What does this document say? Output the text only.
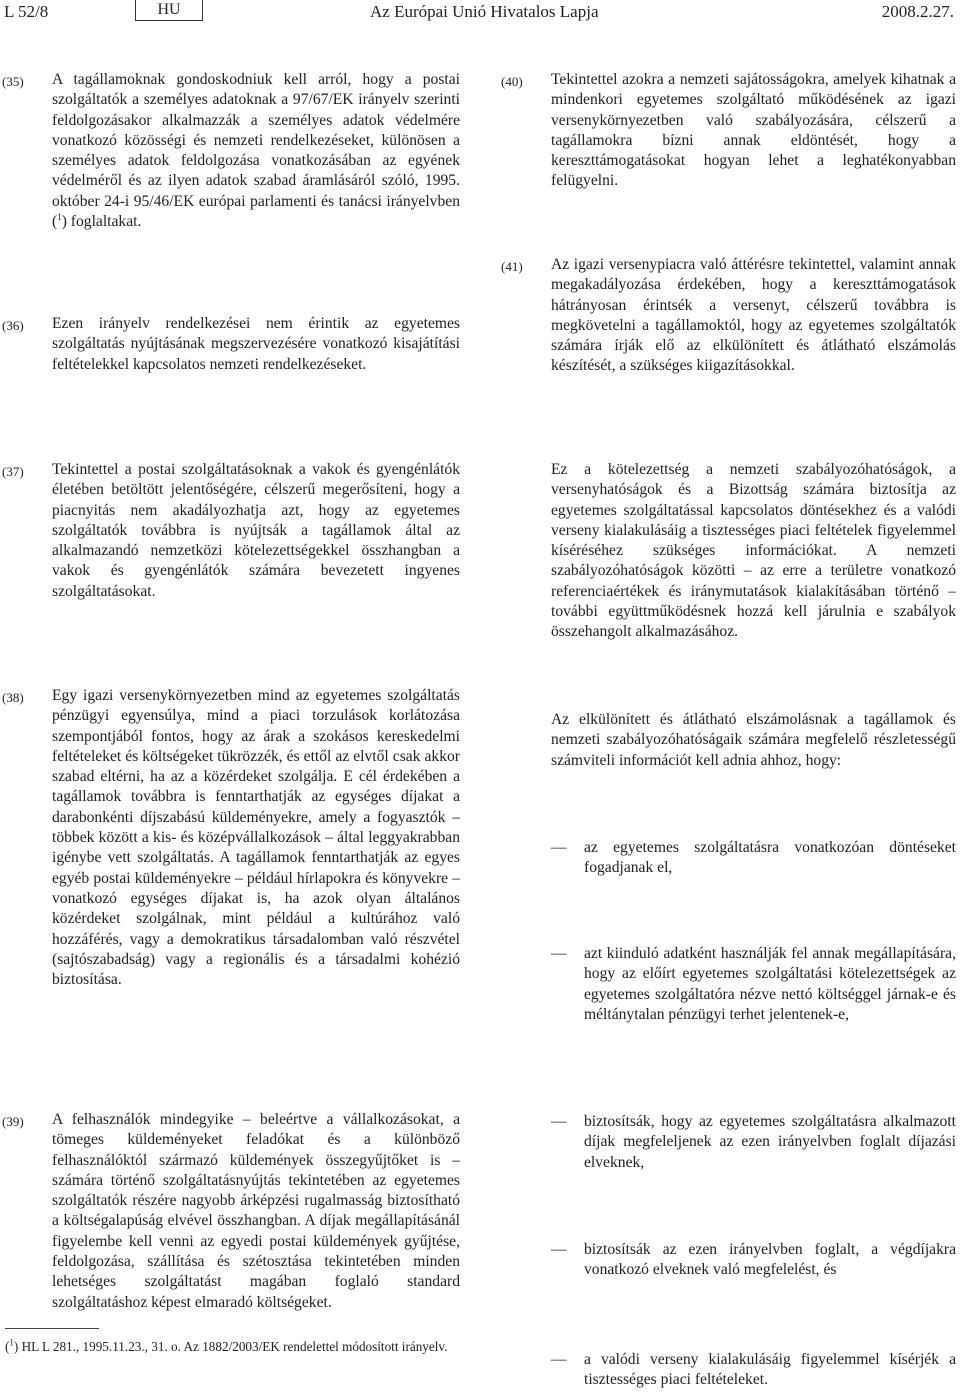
L 52/8	HU	Az Európai Unió Hivatalos Lapja	2008.2.27.
(35) A tagállamoknak gondoskodniuk kell arról, hogy a postai szolgáltatók a személyes adatoknak a 97/67/EK irányelv szerinti feldolgozásakor alkalmazzák a személyes adatok védelmére vonatkozó közösségi és nemzeti rendelkezéseket, különösen a személyes adatok feldolgozása vonatkozásában az egyének védelméről és az ilyen adatok szabad áramlásáról szóló, 1995. október 24-i 95/46/EK európai parlamenti és tanácsi irányelvben ($^1$) foglaltakat.

(36) Ezen irányelv rendelkezései nem érintik az egyetemes szolgáltatás nyújtásának megszervezésére vonatkozó kisajátítási feltételekkel kapcsolatos nemzeti rendelkezéseket.

(37) Tekintettel a postai szolgáltatásoknak a vakok és gyengénlátók életében betöltött jelentőségére, célszerű megerősíteni, hogy a piacnyitás nem akadályozhatja azt, hogy az egyetemes szolgáltatók továbbra is nyújtsák a tagállamok által az alkalmazandó nemzetközi kötelezettségekkel összhangban a vakok és gyengénlátók számára bevezetett ingyenes szolgáltatásokat.

(38) Egy igazi versenykörnyezetben mind az egyetemes szolgáltatás pénzügyi egyensúlya, mind a piaci torzulások korlátozása szempontjából fontos, hogy az árak a szokásos kereskedelmi feltételeket és költségeket tükrözzék, és ettől az elvtől csak akkor szabad eltérni, ha az a közérdeket szolgálja. E cél érdekében a tagállamok továbbra is fenntarthatják az egységes díjakat a darabonkénti díjszabású küldeményekre, amely a fogyasztók – többek között a kis- és középvállalkozások – által leggyakrabban igénybe vett szolgáltatás. A tagállamok fenntarthatják az egyes egyéb postai küldeményekre – például hírlapokra és könyvekre – vonatkozó egységes díjakat is, ha azok olyan általános közérdeket szolgálnak, mint például a kultúrához való hozzáférés, vagy a demokratikus társadalomban való részvétel (sajtószabadság) vagy a regionális és a társadalmi kohézió biztosítása.

(39) A felhasználók mindegyike – beleértve a vállalkozásokat, a tömeges küldeményeket feladókat és a különböző felhasználóktól származó küldemények összegyűjtőket is – számára történő szolgáltatásnyújtás tekintetében az egyetemes szolgáltatók részére nagyobb árképzési rugalmasság biztosítható a költségalapúság elvével összhangban. A díjak megállapításánál figyelembe kell venni az egyedi postai küldemények gyűjtése, feldolgozása, szállítása és szétosztása tekintetében minden lehetséges szolgáltatást magában foglaló standard szolgáltatáshoz képest elmaradó költségeket.

($^1$) HL L 281., 1995.11.23., 31. o. Az 1882/2003/EK rendelettel módosított irányelv.
(40) Tekintettel azokra a nemzeti sajátosságokra, amelyek kihatnak a mindenkori egyetemes szolgáltató működésének az igazi versenykörnyezetben való szabályozására, célszerű a tagállamokra bízni annak eldöntését, hogy a kereszttámogatásokat hogyan lehet a leghatékonyabban felügyelni.

(41) Az igazi versenypiacra való áttérésre tekintettel, valamint annak megakadályozása érdekében, hogy a kereszttámogatások hátrányosan érintsék a versenyt, célszerű továbbra is megkövetelni a tagállamoktól, hogy az egyetemes szolgáltatók számára írják elő az elkülönített és átlátható elszámolás készítését, a szükséges kiigazításokkal.

Ez a kötelezettség a nemzeti szabályozóhatóságok, a versenyhatóságok és a Bizottság számára biztosítja az egyetemes szolgáltatással kapcsolatos döntésekhez és a valódi verseny kialakulásáig a tisztességes piaci feltételek figyelemmel kíséréséhez szükséges információkat. A nemzeti szabályozóhatóságok közötti – az erre a területre vonatkozó referenciaértékek és iránymutatások kialakításában történő – további együttműködésnek hozzá kell járulnia e szabályok összehangolt alkalmazásához.

Az elkülönített és átlátható elszámolásnak a tagállamok és nemzeti szabályozóhatóságaik számára megfelelő részletességű számviteli információt kell adnia ahhoz, hogy:

— az egyetemes szolgáltatásra vonatkozóan döntéseket fogadjanak el,
— azt kiinduló adatként használják fel annak megállapítására, hogy az előírt egyetemes szolgáltatási kötelezettségek az egyetemes szolgáltatóra nézve nettó költséggel járnak-e és méltánytalan pénzügyi terhet jelentenek-e,
— biztosítsák, hogy az egyetemes szolgáltatásra alkalmazott díjak megfeleljenek az ezen irányelvben foglalt díjazási elveknek,
— biztosítsák az ezen irányelvben foglalt, a végdíjakra vonatkozó elveknek való megfelelést, és
— a valódi verseny kialakulásáig figyelemmel kísérjék a tisztességes piaci feltételeket.
